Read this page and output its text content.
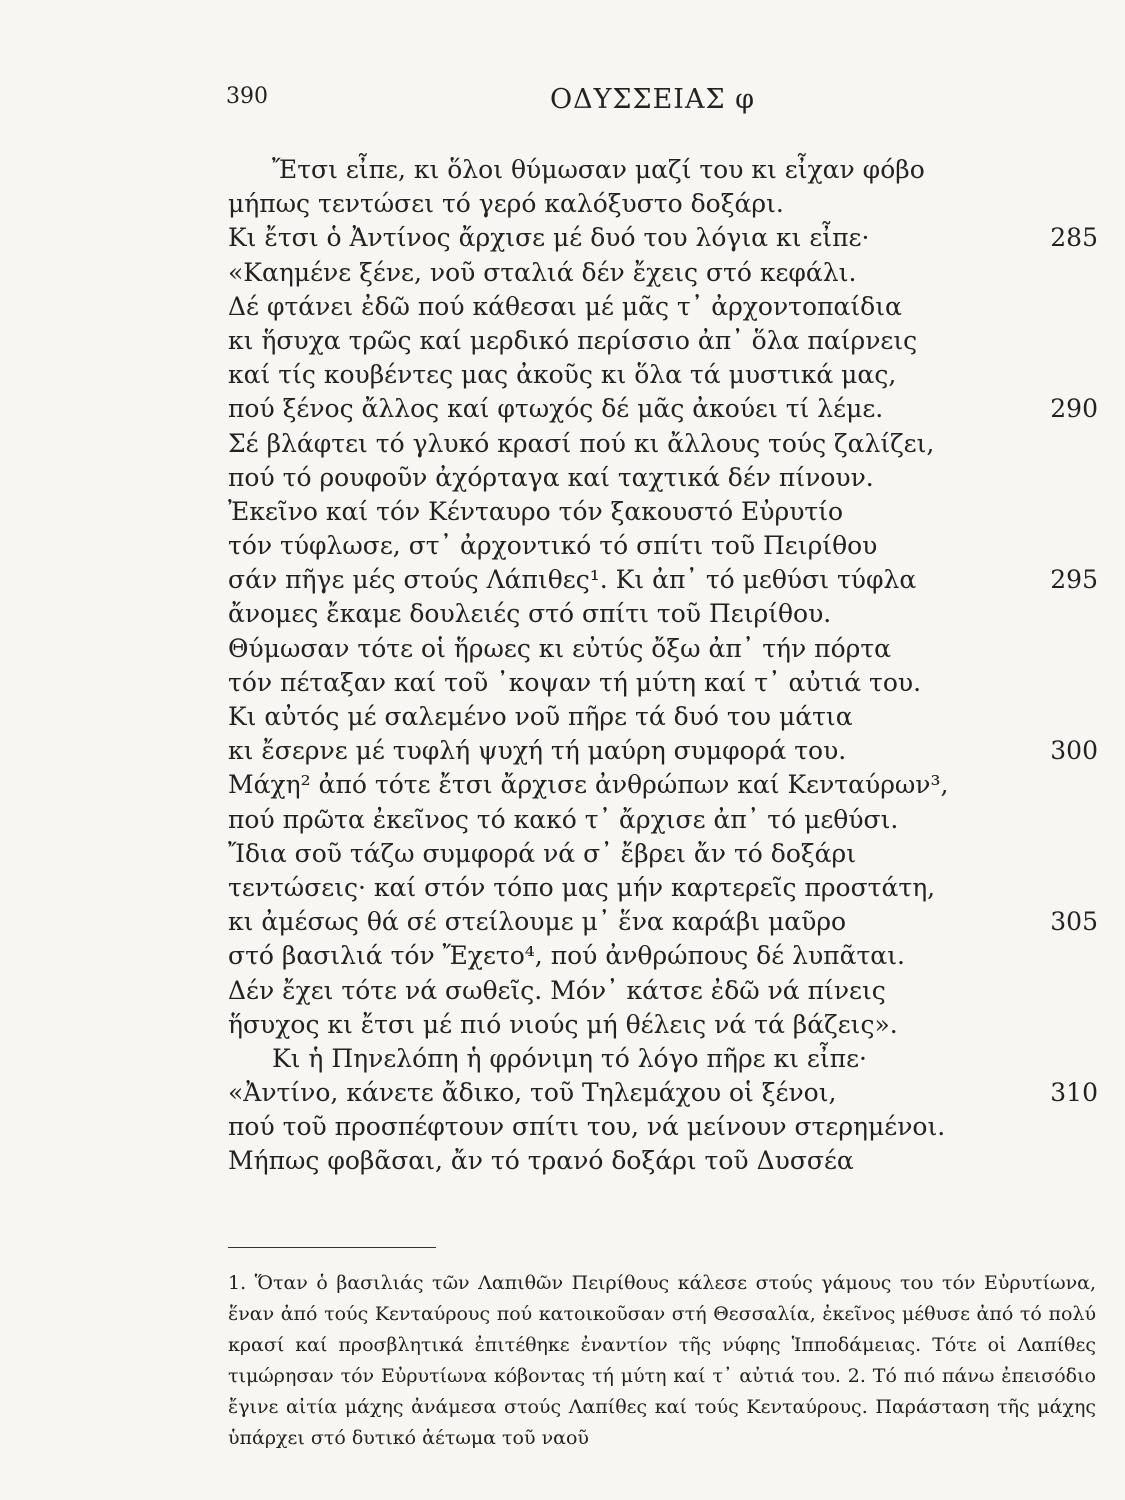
390	ΟΔΥΣΣΕΙΑΣ φ
Ἔτσι εἶπε, κι ὅλοι θύμωσαν μαζί του κι εἶχαν φόβο
μήπως τεντώσει τό γερό καλόξυστο δοξάρι.
Κι ἔτσι ὁ Ἀντίνος ἄρχισε μέ δυό του λόγια κι εἶπε·	285
«Καημένε ξένε, νοῦ σταλιά δέν ἔχεις στό κεφάλι.
Δέ φτάνει ἐδῶ πού κάθεσαι μέ μᾶς τ᾽ ἀρχοντοπαίδια
κι ἥσυχα τρῶς καί μερδικό περίσσιο ἀπ᾽ ὅλα παίρνεις
καί τίς κουβέντες μας ἀκοῦς κι ὅλα τά μυστικά μας,
πού ξένος ἄλλος καί φτωχός δέ μᾶς ἀκούει τί λέμε.	290
Σέ βλάφτει τό γλυκό κρασί πού κι ἄλλους τούς ζαλίζει,
πού τό ρουφοῦν ἀχόρταγα καί ταχτικά δέν πίνουν.
Ἐκεῖνο καί τόν Κένταυρο τόν ξακουστό Εὐρυτίο
τόν τύφλωσε, στ᾽ ἀρχοντικό τό σπίτι τοῦ Πειρίθου
σάν πῆγε μές στούς Λάπιθες¹. Κι ἀπ᾽ τό μεθύσι τύφλα	295
ἄνομες ἔκαμε δουλειές στό σπίτι τοῦ Πειρίθου.
Θύμωσαν τότε οἱ ἥρωες κι εὐτύς ὄξω ἀπ᾽ τήν πόρτα
τόν πέταξαν καί τοῦ ᾽κοψαν τή μύτη καί τ᾽ αὐτιά του.
Κι αὐτός μέ σαλεμένο νοῦ πῆρε τά δυό του μάτια
κι ἔσερνε μέ τυφλή ψυχή τή μαύρη συμφορά του.	300
Μάχη² ἀπό τότε ἔτσι ἄρχισε ἀνθρώπων καί Κενταύρων³,
πού πρῶτα ἐκεῖνος τό κακό τ᾽ ἄρχισε ἀπ᾽ τό μεθύσι.
Ἴδια σοῦ τάζω συμφορά νά σ᾽ ἔβρει ἄν τό δοξάρι
τεντώσεις· καί στόν τόπο μας μήν καρτερεῖς προστάτη,
κι ἀμέσως θά σέ στείλουμε μ᾽ ἕνα καράβι μαῦρο	305
στό βασιλιά τόν Ἔχετο⁴, πού ἀνθρώπους δέ λυπᾶται.
Δέν ἔχει τότε νά σωθεῖς. Μόν᾽ κάτσε ἐδῶ νά πίνεις
ἥσυχος κι ἔτσι μέ πιό νιούς μή θέλεις νά τά βάζεις».
Κι ἡ Πηνελόπη ἡ φρόνιμη τό λόγο πῆρε κι εἶπε·
«Ἀντίνο, κάνετε ἄδικο, τοῦ Τηλεμάχου οἱ ξένοι,	310
πού τοῦ προσπέφτουν σπίτι του, νά μείνουν στερημένοι.
Μήπως φοβᾶσαι, ἄν τό τρανό δοξάρι τοῦ Δυσσέα
1. Ὅταν ὁ βασιλιάς τῶν Λαπιθῶν Πειρίθους κάλεσε στούς γάμους του τόν Εὐρυτίωνα, ἕναν ἀπό τούς Κενταύρους πού κατοικοῦσαν στή Θεσσαλία, ἐκεῖνος μέθυσε ἀπό τό πολύ κρασί καί προσβλητικά ἐπιτέθηκε ἐναντίον τῆς νύφης Ἱπποδάμειας. Τότε οἱ Λαπίθες τιμώρησαν τόν Εὐρυτίωνα κόβοντας τή μύτη καί τ᾽ αὐτιά του. 2. Τό πιό πάνω ἐπεισόδιο ἔγινε αἰτία μάχης ἀνάμεσα στούς Λαπίθες καί τούς Κενταύρους. Παράσταση τῆς μάχης ὑπάρχει στό δυτικό ἀέτωμα τοῦ ναοῦ
